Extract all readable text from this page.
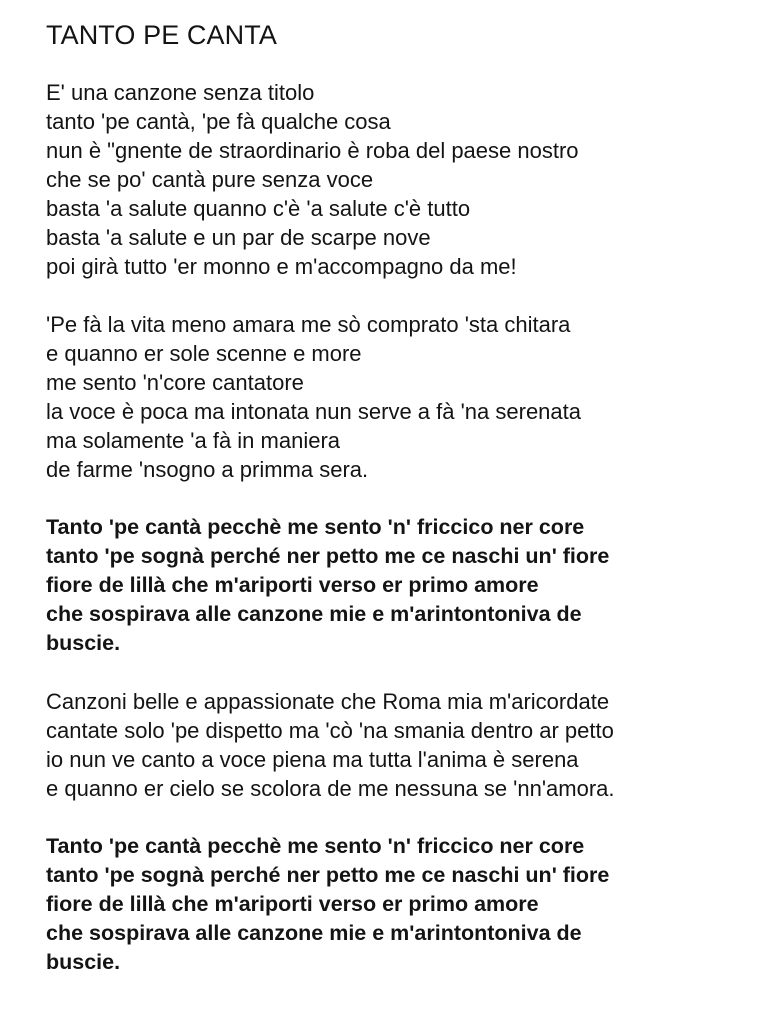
TANTO PE CANTA
E' una canzone senza titolo
tanto 'pe cantà, 'pe fà qualche cosa
nun è "gnente de straordinario è roba del paese nostro
che se po' cantà pure senza voce
basta 'a salute quanno c'è 'a salute c'è tutto
basta 'a salute e un par de scarpe nove
poi girà tutto 'er monno e m'accompagno da me!
'Pe fà la vita meno amara me sò comprato 'sta chitara
e quanno er sole scenne e more
me sento 'n'core cantatore
la voce è poca ma intonata nun serve a fà 'na serenata
ma solamente 'a fà in maniera
de farme 'nsogno a primma sera.
Tanto 'pe cantà pecchè me sento 'n' friccico ner core
tanto 'pe sognà perché ner petto me ce naschi un' fiore
fiore de lillà che m'ariporti verso er primo amore
che sospirava alle canzone mie e m'arintontoniva de
buscie.
Canzoni belle e appassionate che Roma mia m'aricordate
cantate solo 'pe dispetto ma 'cò 'na smania dentro ar petto
io nun ve canto a voce piena ma tutta l'anima è serena
e quanno er cielo se scolora de me nessuna se 'nn'amora.
Tanto 'pe cantà pecchè me sento 'n' friccico ner core
tanto 'pe sognà perché ner petto me ce naschi un' fiore
fiore de lillà che m'ariporti verso er primo amore
che sospirava alle canzone mie e m'arintontoniva de
buscie.
